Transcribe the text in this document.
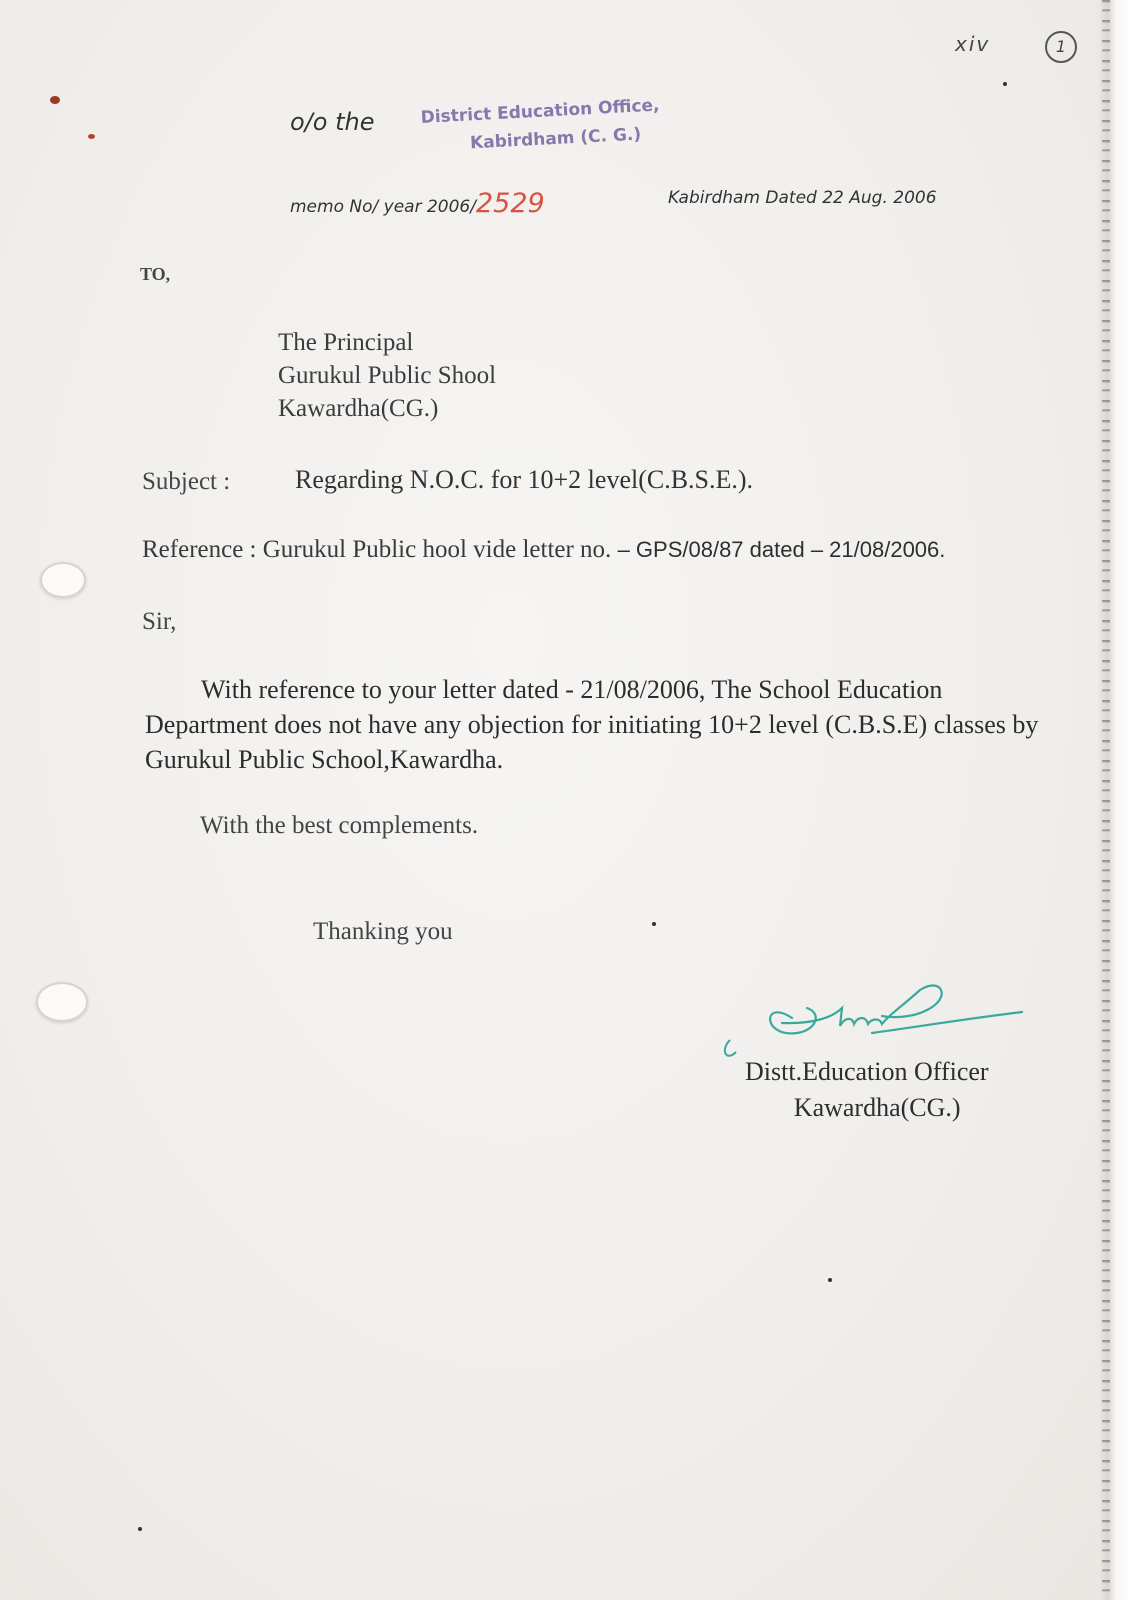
xiv	1
o/o the	District Education Office,
Kabirdham (C. G.)
memo No/ year 2006/2529	Kabirdham Dated 22 Aug. 2006
TO,
The Principal
Gurukul Public Shool
Kawardha(CG.)
Subject : Regarding N.O.C. for 10+2 level(C.B.S.E.).
Reference : Gurukul Public hool vide letter no. – GPS/08/87 dated – 21/08/2006.
Sir,
With reference to your letter dated - 21/08/2006, The School Education Department does not have any objection for initiating 10+2 level (C.B.S.E) classes by Gurukul Public School,Kawardha.
With the best complements.
Thanking you
Distt.Education Officer
Kawardha(CG.)
